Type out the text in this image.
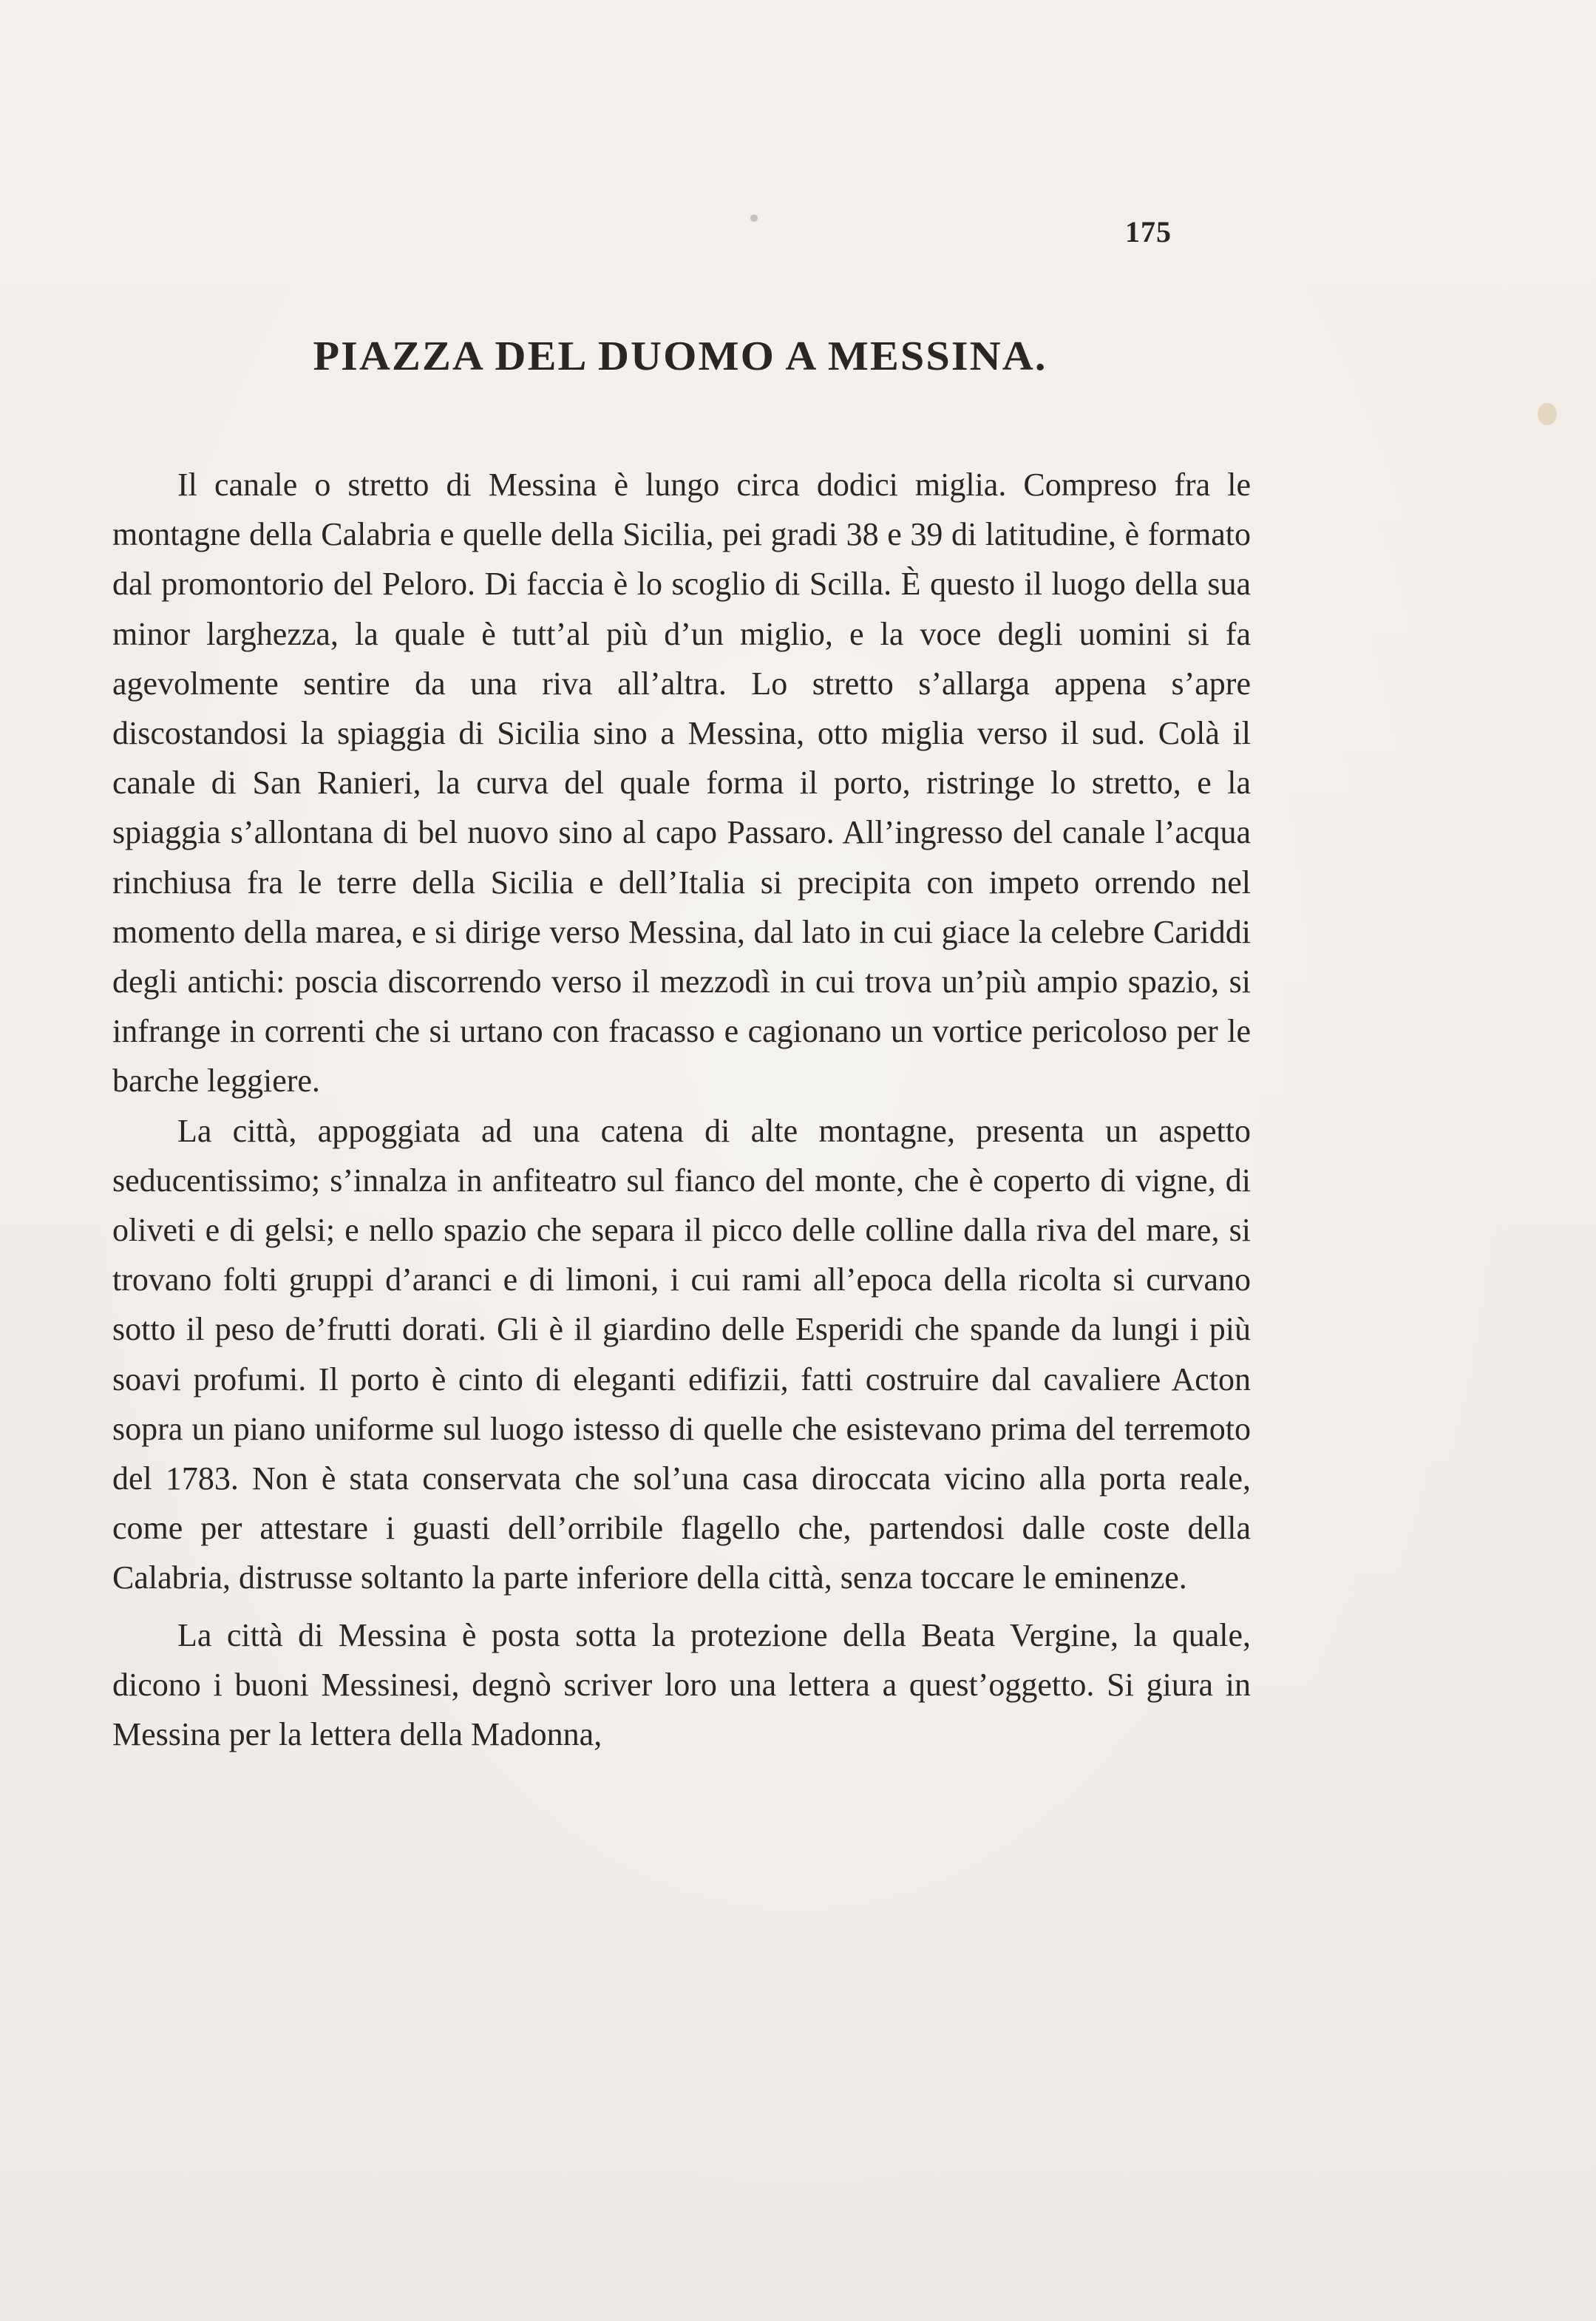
175
PIAZZA DEL DUOMO A MESSINA.

Il canale o stretto di Messina è lungo circa dodici miglia. Compreso fra le montagne della Calabria e quelle della Sicilia, pei gradi 38 e 39 di latitudine, è formato dal promontorio del Peloro. Di faccia è lo scoglio di Scilla. È questo il luogo della sua minor larghezza, la quale è tutt’al più d’un miglio, e la voce degli uomini si fa agevolmente sentire da una riva all’altra. Lo stretto s’allarga appena s’apre discostandosi la spiaggia di Sicilia sino a Messina, otto miglia verso il sud. Colà il canale di San Ranieri, la curva del quale forma il porto, ristringe lo stretto, e la spiaggia s’allontana di bel nuovo sino al capo Passaro. All’ingresso del canale l’acqua rinchiusa fra le terre della Sicilia e dell’Italia si precipita con impeto orrendo nel momento della marea, e si dirige verso Messina, dal lato in cui giace la celebre Cariddi degli antichi: poscia discorrendo verso il mezzodì in cui trova un’più ampio spazio, si infrange in correnti che si urtano con fracasso e cagionano un vortice pericoloso per le barche leggiere.

La città, appoggiata ad una catena di alte montagne, presenta un aspetto seducentissimo; s’innalza in anfiteatro sul fianco del monte, che è coperto di vigne, di oliveti e di gelsi; e nello spazio che separa il picco delle colline dalla riva del mare, si trovano folti gruppi d’aranci e di limoni, i cui rami all’epoca della ricolta si curvano sotto il peso de’frutti dorati. Gli è il giardino delle Esperidi che spande da lungi i più soavi profumi. Il porto è cinto di eleganti edifizii, fatti costruire dal cavaliere Acton sopra un piano uniforme sul luogo istesso di quelle che esistevano prima del terremoto del 1783. Non è stata conservata che sol’una casa diroccata vicino alla porta reale, come per attestare i guasti dell’orribile flagello che, partendosi dalle coste della Calabria, distrusse soltanto la parte inferiore della città, senza toccare le eminenze.

La città di Messina è posta sotta la protezione della Beata Vergine, la quale, dicono i buoni Messinesi, degnò scriver loro una lettera a quest’oggetto. Si giura in Messina per la lettera della Madonna,
